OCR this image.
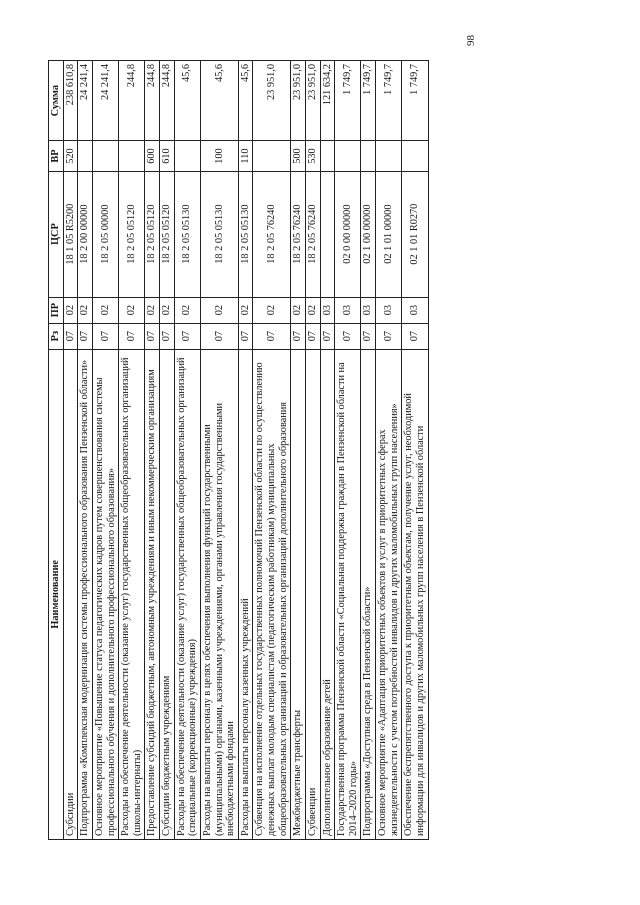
98
Наименование	Рз	ПР	ЦСР	ВР	Сумма
Субсидии	07	02	18 1 05 R5200	520	238 610,8
Подпрограмма «Комплексная модернизация системы профессионального образования Пензенской области»	07	02	18 2 00 00000		24 241,4
Основное мероприятие «Повышение статуса педагогических кадров путем совершенствования системы профессионального обучения и дополнительного профессионального образования»	07	02	18 2 05 00000		24 241,4
Расходы на обеспечение деятельности (оказание услуг) государственных общеобразовательных организаций (школы-интернаты)	07	02	18 2 05 05120		244,8
Предоставление субсидий бюджетным, автономным учреждениям и иным некоммерческим организациям	07	02	18 2 05 05120	600	244,8
Субсидии бюджетным учреждениям	07	02	18 2 05 05120	610	244,8
Расходы на обеспечение деятельности (оказание услуг) государственных общеобразовательных организаций (специальные (коррекционные) учреждения)	07	02	18 2 05 05130		45,6
Расходы на выплаты персоналу в целях обеспечения выполнения функций государственными (муниципальными) органами, казенными учреждениями, органами управления государственными внебюджетными фондами	07	02	18 2 05 05130	100	45,6
Расходы на выплаты персоналу казенных учреждений	07	02	18 2 05 05130	110	45,6
Субвенция на исполнение отдельных государственных полномочий Пензенской области по осуществлению денежных выплат молодым специалистам (педагогическим работникам) муниципальных общеобразовательных организаций и образовательных организаций дополнительного образования	07	02	18 2 05 76240		23 951,0
Межбюджетные трансферты	07	02	18 2 05 76240	500	23 951,0
Субвенции	07	02	18 2 05 76240	530	23 951,0
Дополнительное образование детей	07	03			121 634,2
Государственная программа Пензенской области «Социальная поддержка граждан в Пензенской области на 2014–2020 годы»	07	03	02 0 00 00000		1 749,7
Подпрограмма «Доступная среда в Пензенской области»	07	03	02 1 00 00000		1 749,7
Основное мероприятие «Адаптация приоритетных объектов и услуг в приоритетных сферах жизнедеятельности с учетом потребностей инвалидов и других маломобильных групп населения»	07	03	02 1 01 00000		1 749,7
Обеспечение беспрепятственного доступа к приоритетным объектам, получение услуг, необходимой информации для инвалидов и других маломобильных групп населения в Пензенской области	07	03	02 1 01 R0270		1 749,7
